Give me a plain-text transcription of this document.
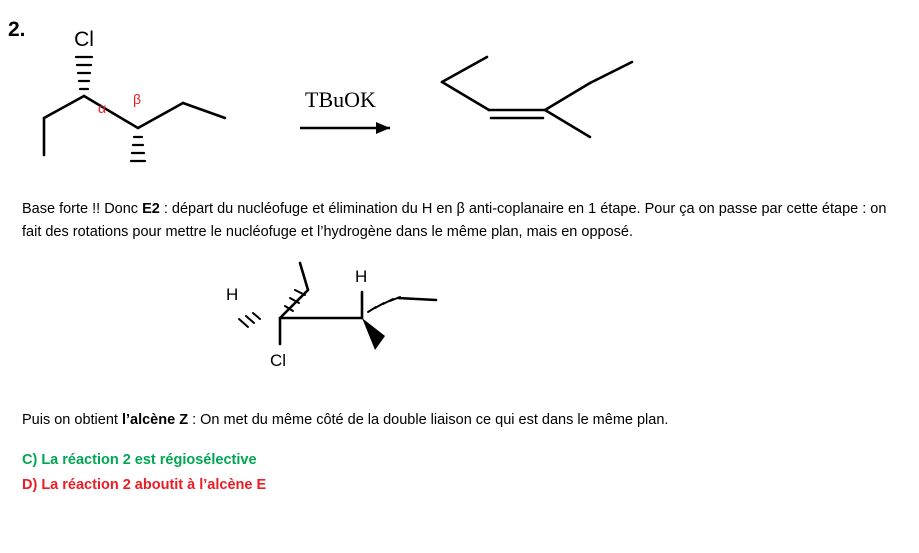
2. Cl
α
β	TBuOK
Base forte !! Donc E2 : départ du nucléofuge et élimination du H en β anti-coplanaire en 1 étape. Pour ça on passe par cette étape : on fait des rotations pour mettre le nucléofuge et l’hydrogène dans le même plan, mais en opposé.
H
H
Cl
Puis on obtient l’alcène Z : On met du même côté de la double liaison ce qui est dans le même plan.
C) La réaction 2 est régiosélective
D) La réaction 2 aboutit à l’alcène E
